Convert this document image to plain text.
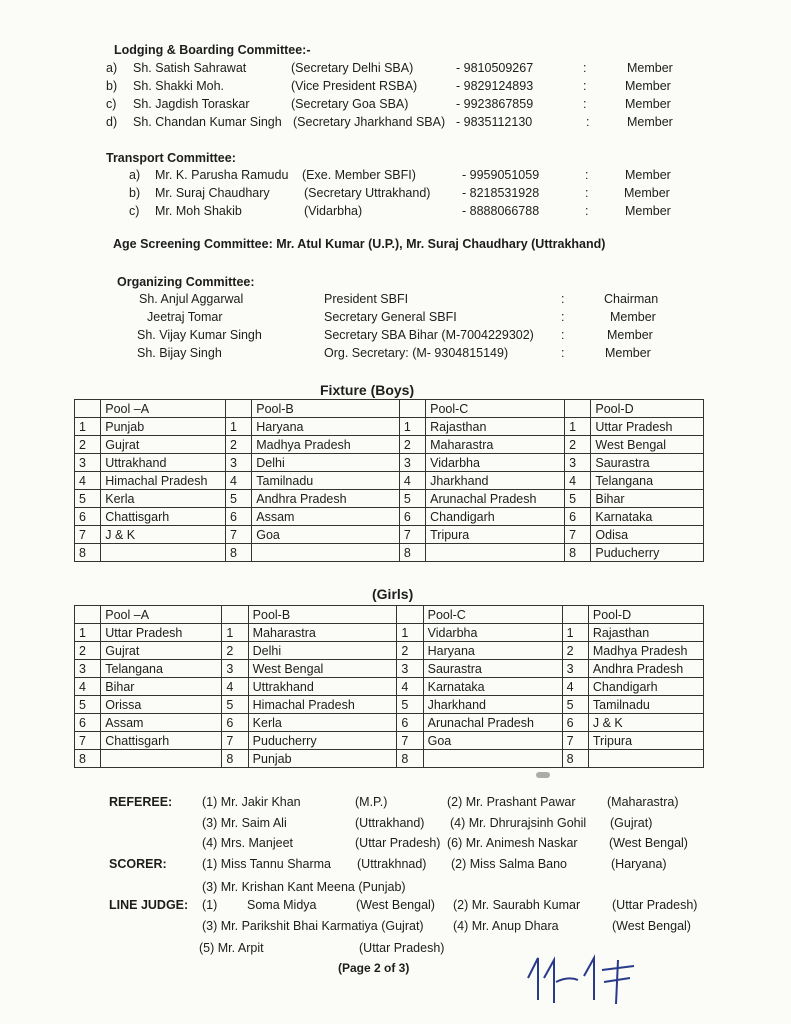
Lodging & Boarding Committee:-
a) Sh. Satish Sahrawat	(Secretary Delhi SBA)	- 9810509267	:	Member
b) Sh. Shakki Moh.	(Vice President RSBA)	- 9829124893	:	Member
c) Sh. Jagdish Toraskar	(Secretary Goa SBA)	- 9923867859	:	Member
d) Sh. Chandan Kumar Singh (Secretary Jharkhand SBA) - 9835112130	:	Member
Transport Committee:
a) Mr. K. Parusha Ramudu (Exe. Member SBFI)	- 9959051059	:	Member
b) Mr. Suraj Chaudhary	(Secretary Uttrakhand)	- 8218531928	:	Member
c) Mr. Moh Shakib	(Vidarbha)	- 8888066788	:	Member
Age Screening Committee: Mr. Atul Kumar (U.P.), Mr. Suraj Chaudhary (Uttrakhand)
Organizing Committee:
Sh. Anjul Aggarwal	President SBFI	:	Chairman
Jeetraj Tomar	Secretary General SBFI	:	Member
Sh. Vijay Kumar Singh	Secretary SBA Bihar (M-7004229302) :	Member
Sh. Bijay Singh	Org. Secretary: (M- 9304815149)	:	Member
Fixture (Boys)
	Pool –A		Pool-B		Pool-C		Pool-D
1	Punjab	1	Haryana	1	Rajasthan	1	Uttar Pradesh
2	Gujrat	2	Madhya Pradesh	2	Maharastra	2	West Bengal
3	Uttrakhand	3	Delhi	3	Vidarbha	3	Saurastra
4	Himachal Pradesh	4	Tamilnadu	4	Jharkhand	4	Telangana
5	Kerla	5	Andhra Pradesh	5	Arunachal Pradesh	5	Bihar
6	Chattisgarh	6	Assam	6	Chandigarh	6	Karnataka
7	J & K	7	Goa	7	Tripura	7	Odisa
8		8		8		8	Puducherry
(Girls)
	Pool –A		Pool-B		Pool-C		Pool-D
1	Uttar Pradesh	1	Maharastra	1	Vidarbha	1	Rajasthan
2	Gujrat	2	Delhi	2	Haryana	2	Madhya Pradesh
3	Telangana	3	West Bengal	3	Saurastra	3	Andhra Pradesh
4	Bihar	4	Uttrakhand	4	Karnataka	4	Chandigarh
5	Orissa	5	Himachal Pradesh	5	Jharkhand	5	Tamilnadu
6	Assam	6	Kerla	6	Arunachal Pradesh	6	J & K
7	Chattisgarh	7	Puducherry	7	Goa	7	Tripura
8		8	Punjab	8		8	
REFEREE: (1) Mr. Jakir Khan	(M.P.)	(2) Mr. Prashant Pawar	(Maharastra)
(3) Mr. Saim Ali	(Uttrakhand) (4) Mr. Dhrurajsinh Gohil (Gujrat)
(4) Mrs. Manjeet	(Uttar Pradesh) (6) Mr. Animesh Naskar	(West Bengal)
SCORER:	(1) Miss Tannu Sharma (Uttrakhnad) (2) Miss Salma Bano	(Haryana)
(3) Mr. Krishan Kant Meena (Punjab)
LINE JUDGE: (1) Soma Midya	(West Bengal) (2) Mr. Saurabh Kumar	(Uttar Pradesh)
(3) Mr. Parikshit Bhai Karmatiya (Gujrat) (4) Mr. Anup Dhara	(West Bengal)
(5) Mr. Arpit	(Uttar Pradesh)
(Page 2 of 3)
